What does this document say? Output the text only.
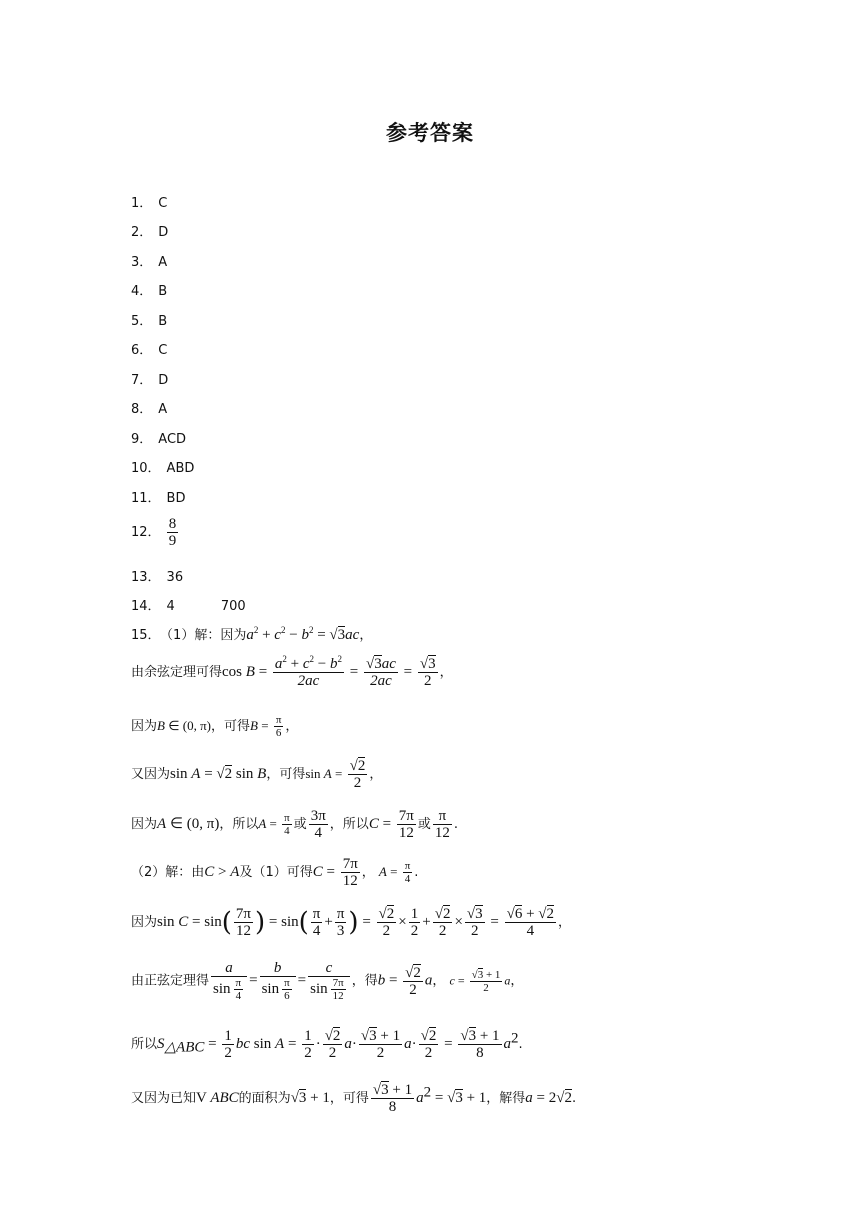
参考答案
1． C
2． D
3． A
4． B
5． B
6． C
7． D
8． A
9． ACD
10． ABD
11． BD
12． $\frac{8}{9}$
13． 36
14． 4	700
15． （1）解：因为$a^2 + c^2 - b^2 = √3ac$，
由余弦定理可得$\cos B = \frac{a^2 + c^2 - b^2}{2ac} = \frac{√3ac}{2ac} = \frac{√3}{2}$ ，
因为B ∈ (0, π)，可得$B = \frac{\pi}{6}$ ，
又因为sin A = √2 sin B，可得$\sin A = \frac{√2}{2}$ ，
因为A ∈ (0, π)，所以$A = \frac{\pi}{4}$ 或 $\frac{3\pi}{4}$ ，所以$C = \frac{7\pi}{12}$ 或 $\frac{\pi}{12}$ .
（2）解：由C > A及（1）可得$C = \frac{7\pi}{12}$ ， $A = \frac{\pi}{4}$ .
因为$\sin C = \sin( \frac{7\pi}{12}$ ) = $\sin( \frac{\pi}{4} + \frac{\pi}{3}$ ) = $\frac{√2}{2} \times \frac{1}{2} + \frac{√2}{2} \times \frac{√3}{2} = \frac{√6 + √2}{4}$ ，
由正弦定理得 $\frac{a}{\sin \frac{\pi}{4}} = \frac{b}{\sin \frac{\pi}{6}} = \frac{c}{\sin \frac{7\pi}{12}}$ ，得$b = \frac{√2}{2}$ a， $c = \frac{√3 + 1}{2}$ a，
所以$S_{\triangle ABC} = \frac{1}{2}$ bc $\sin A = \frac{1}{2} \cdot \frac{√2}{2} a\cdot \frac{√3 + 1}{2} a\cdot \frac{√2}{2} = \frac{√3 + 1}{8} a^2$.
又因为已知V ABC的面积为√3 + 1，可得 $\frac{√3 + 1}{8} a^2 = √3 + 1$，解得a = 2√2.
